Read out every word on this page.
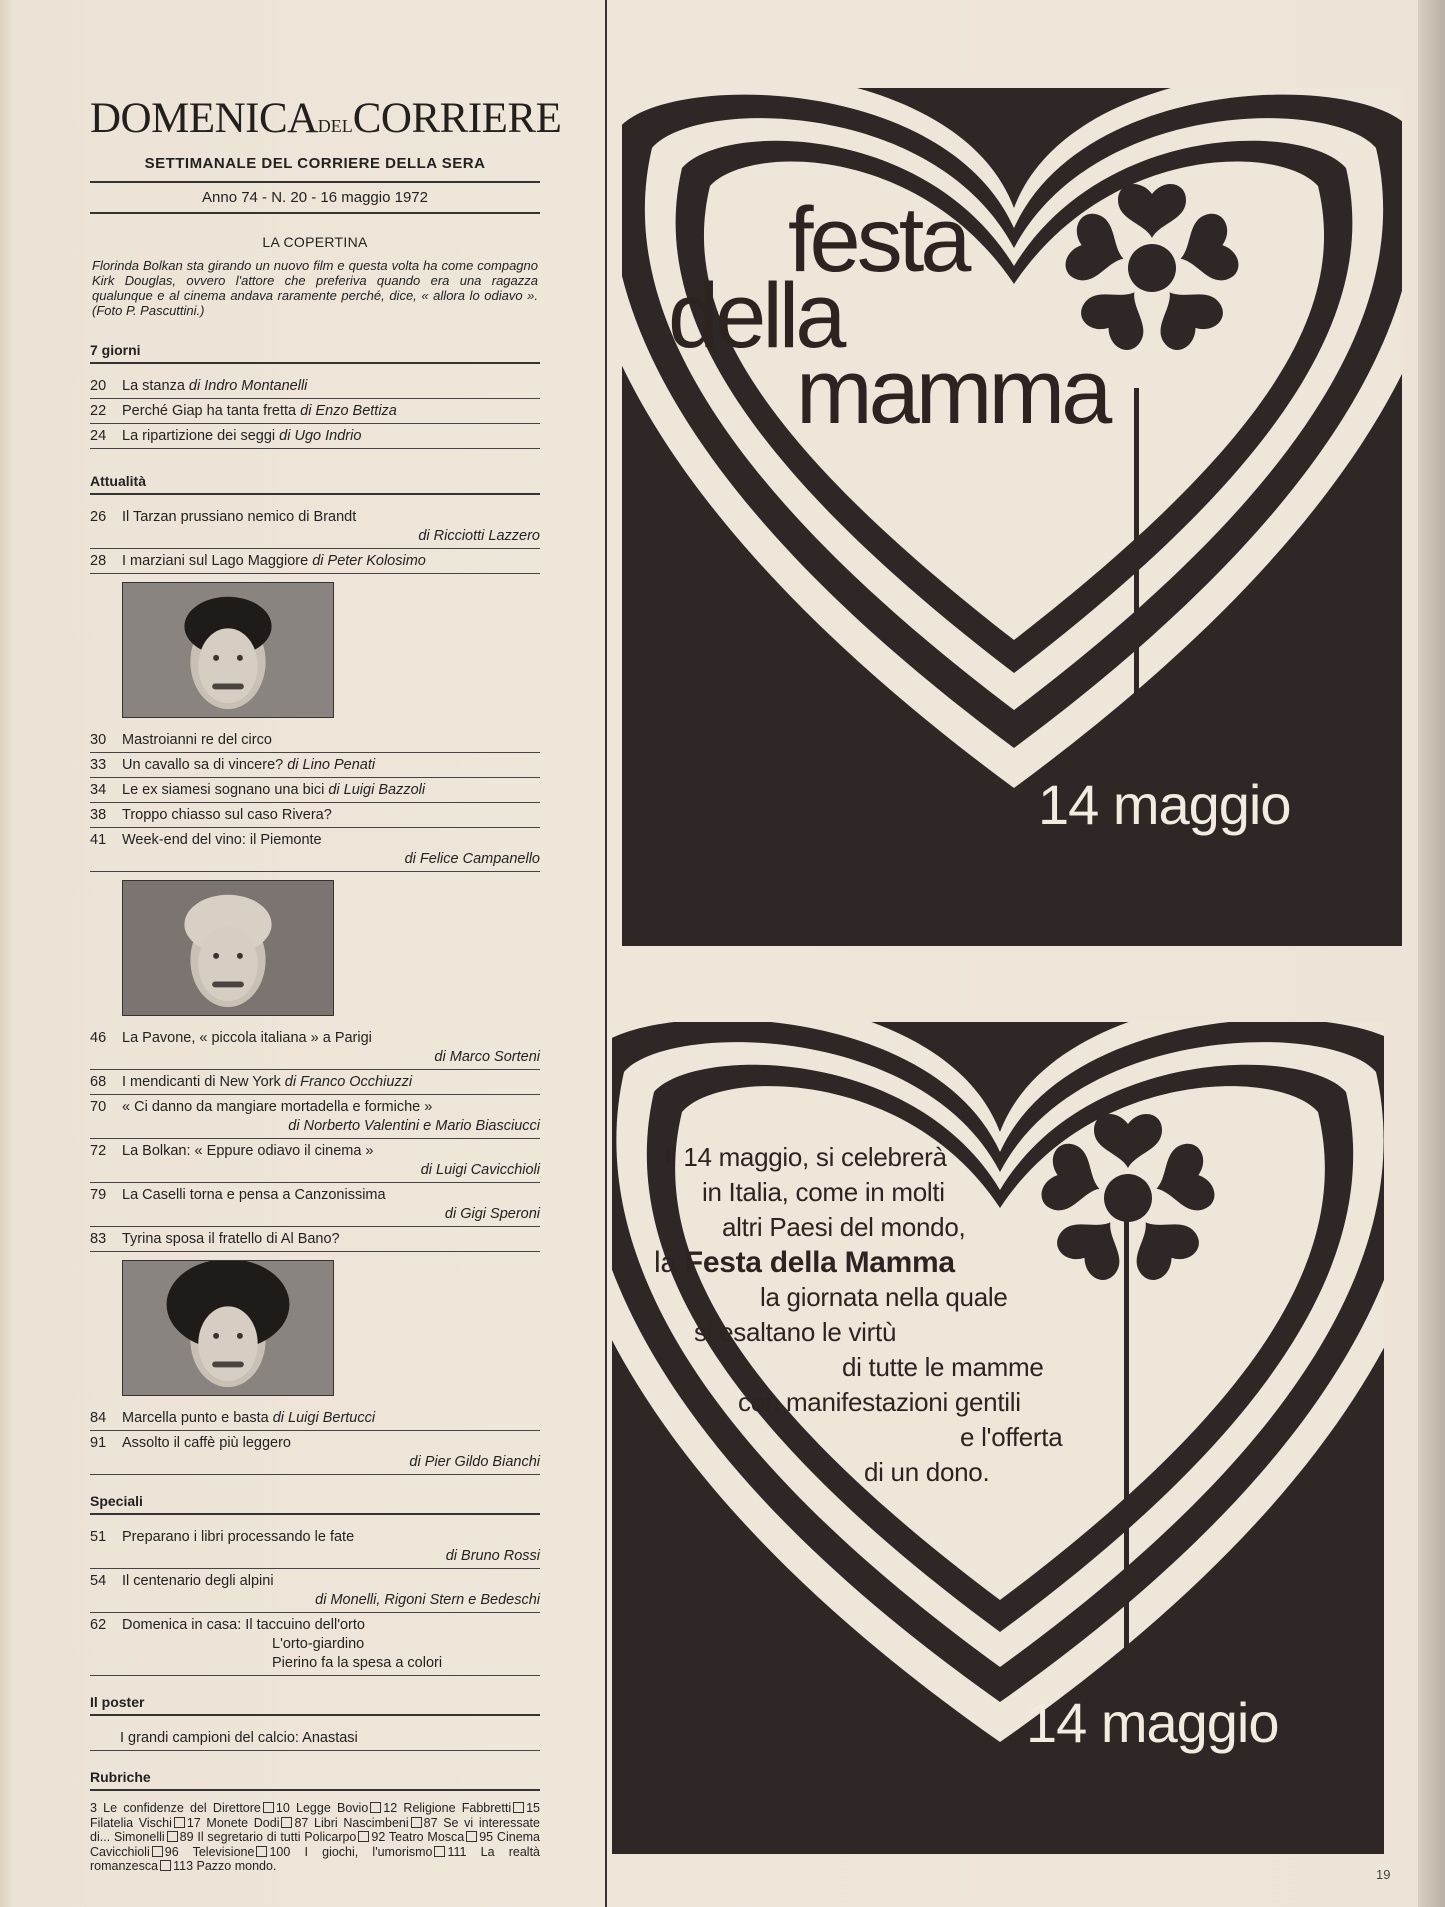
DOMENICADELCORRIERE
SETTIMANALE DEL CORRIERE DELLA SERA
Anno 74 - N. 20 - 16 maggio 1972
LA COPERTINA
Florinda Bolkan sta girando un nuovo film e questa volta ha come compagno Kirk Douglas, ovvero l'attore che preferiva quando era una ragazza qualunque e al cinema andava raramente perché, dice, « allora lo odiavo ». (Foto P. Pascuttini.)
7 giorni
20	La stanza di Indro Montanelli
22	Perché Giap ha tanta fretta di Enzo Bettiza
24	La ripartizione dei seggi di Ugo Indrio
Attualità
26	Il Tarzan prussiano nemico di Brandt
di Ricciotti Lazzero
28	I marziani sul Lago Maggiore di Peter Kolosimo
30	Mastroianni re del circo
33	Un cavallo sa di vincere? di Lino Penati
34	Le ex siamesi sognano una bici di Luigi Bazzoli
38	Troppo chiasso sul caso Rivera?
41	Week-end del vino: il Piemonte
di Felice Campanello
46	La Pavone, « piccola italiana » a Parigi
di Marco Sorteni
68	I mendicanti di New York di Franco Occhiuzzi
70	« Ci danno da mangiare mortadella e formiche »
di Norberto Valentini e Mario Biasciucci
72	La Bolkan: « Eppure odiavo il cinema »
di Luigi Cavicchioli
79	La Caselli torna e pensa a Canzonissima
di Gigi Speroni
83	Tyrina sposa il fratello di Al Bano?
84	Marcella punto e basta di Luigi Bertucci
91	Assolto il caffè più leggero
di Pier Gildo Bianchi
Speciali
51	Preparano i libri processando le fate
di Bruno Rossi
54	Il centenario degli alpini
di Monelli, Rigoni Stern e Bedeschi
62	Domenica in casa: Il taccuino dell'orto
L'orto-giardino
Pierino fa la spesa a colori
Il poster
I grandi campioni del calcio: Anastasi
Rubriche
3 Le confidenze del Direttore 10 Legge Bovio 12 Religione Fabbretti 15 Filatelia Vischi 17 Monete Dodi 87 Libri Nascimbeni 87 Se vi interessate di... Simonelli 89 Il segretario di tutti Policarpo 92 Teatro Mosca 95 Cinema Cavicchioli 96 Televisione 100 I giochi, l'umorismo 111 La realtà romanzesca 113 Pazzo mondo.
festa
della
mamma
14 maggio
Il 14 maggio, si celebrerà
in Italia, come in molti
altri Paesi del mondo,
la Festa della Mamma
la giornata nella quale
si esaltano le virtù
di tutte le mamme
con manifestazioni gentili
e l'offerta
di un dono.
14 maggio
19
